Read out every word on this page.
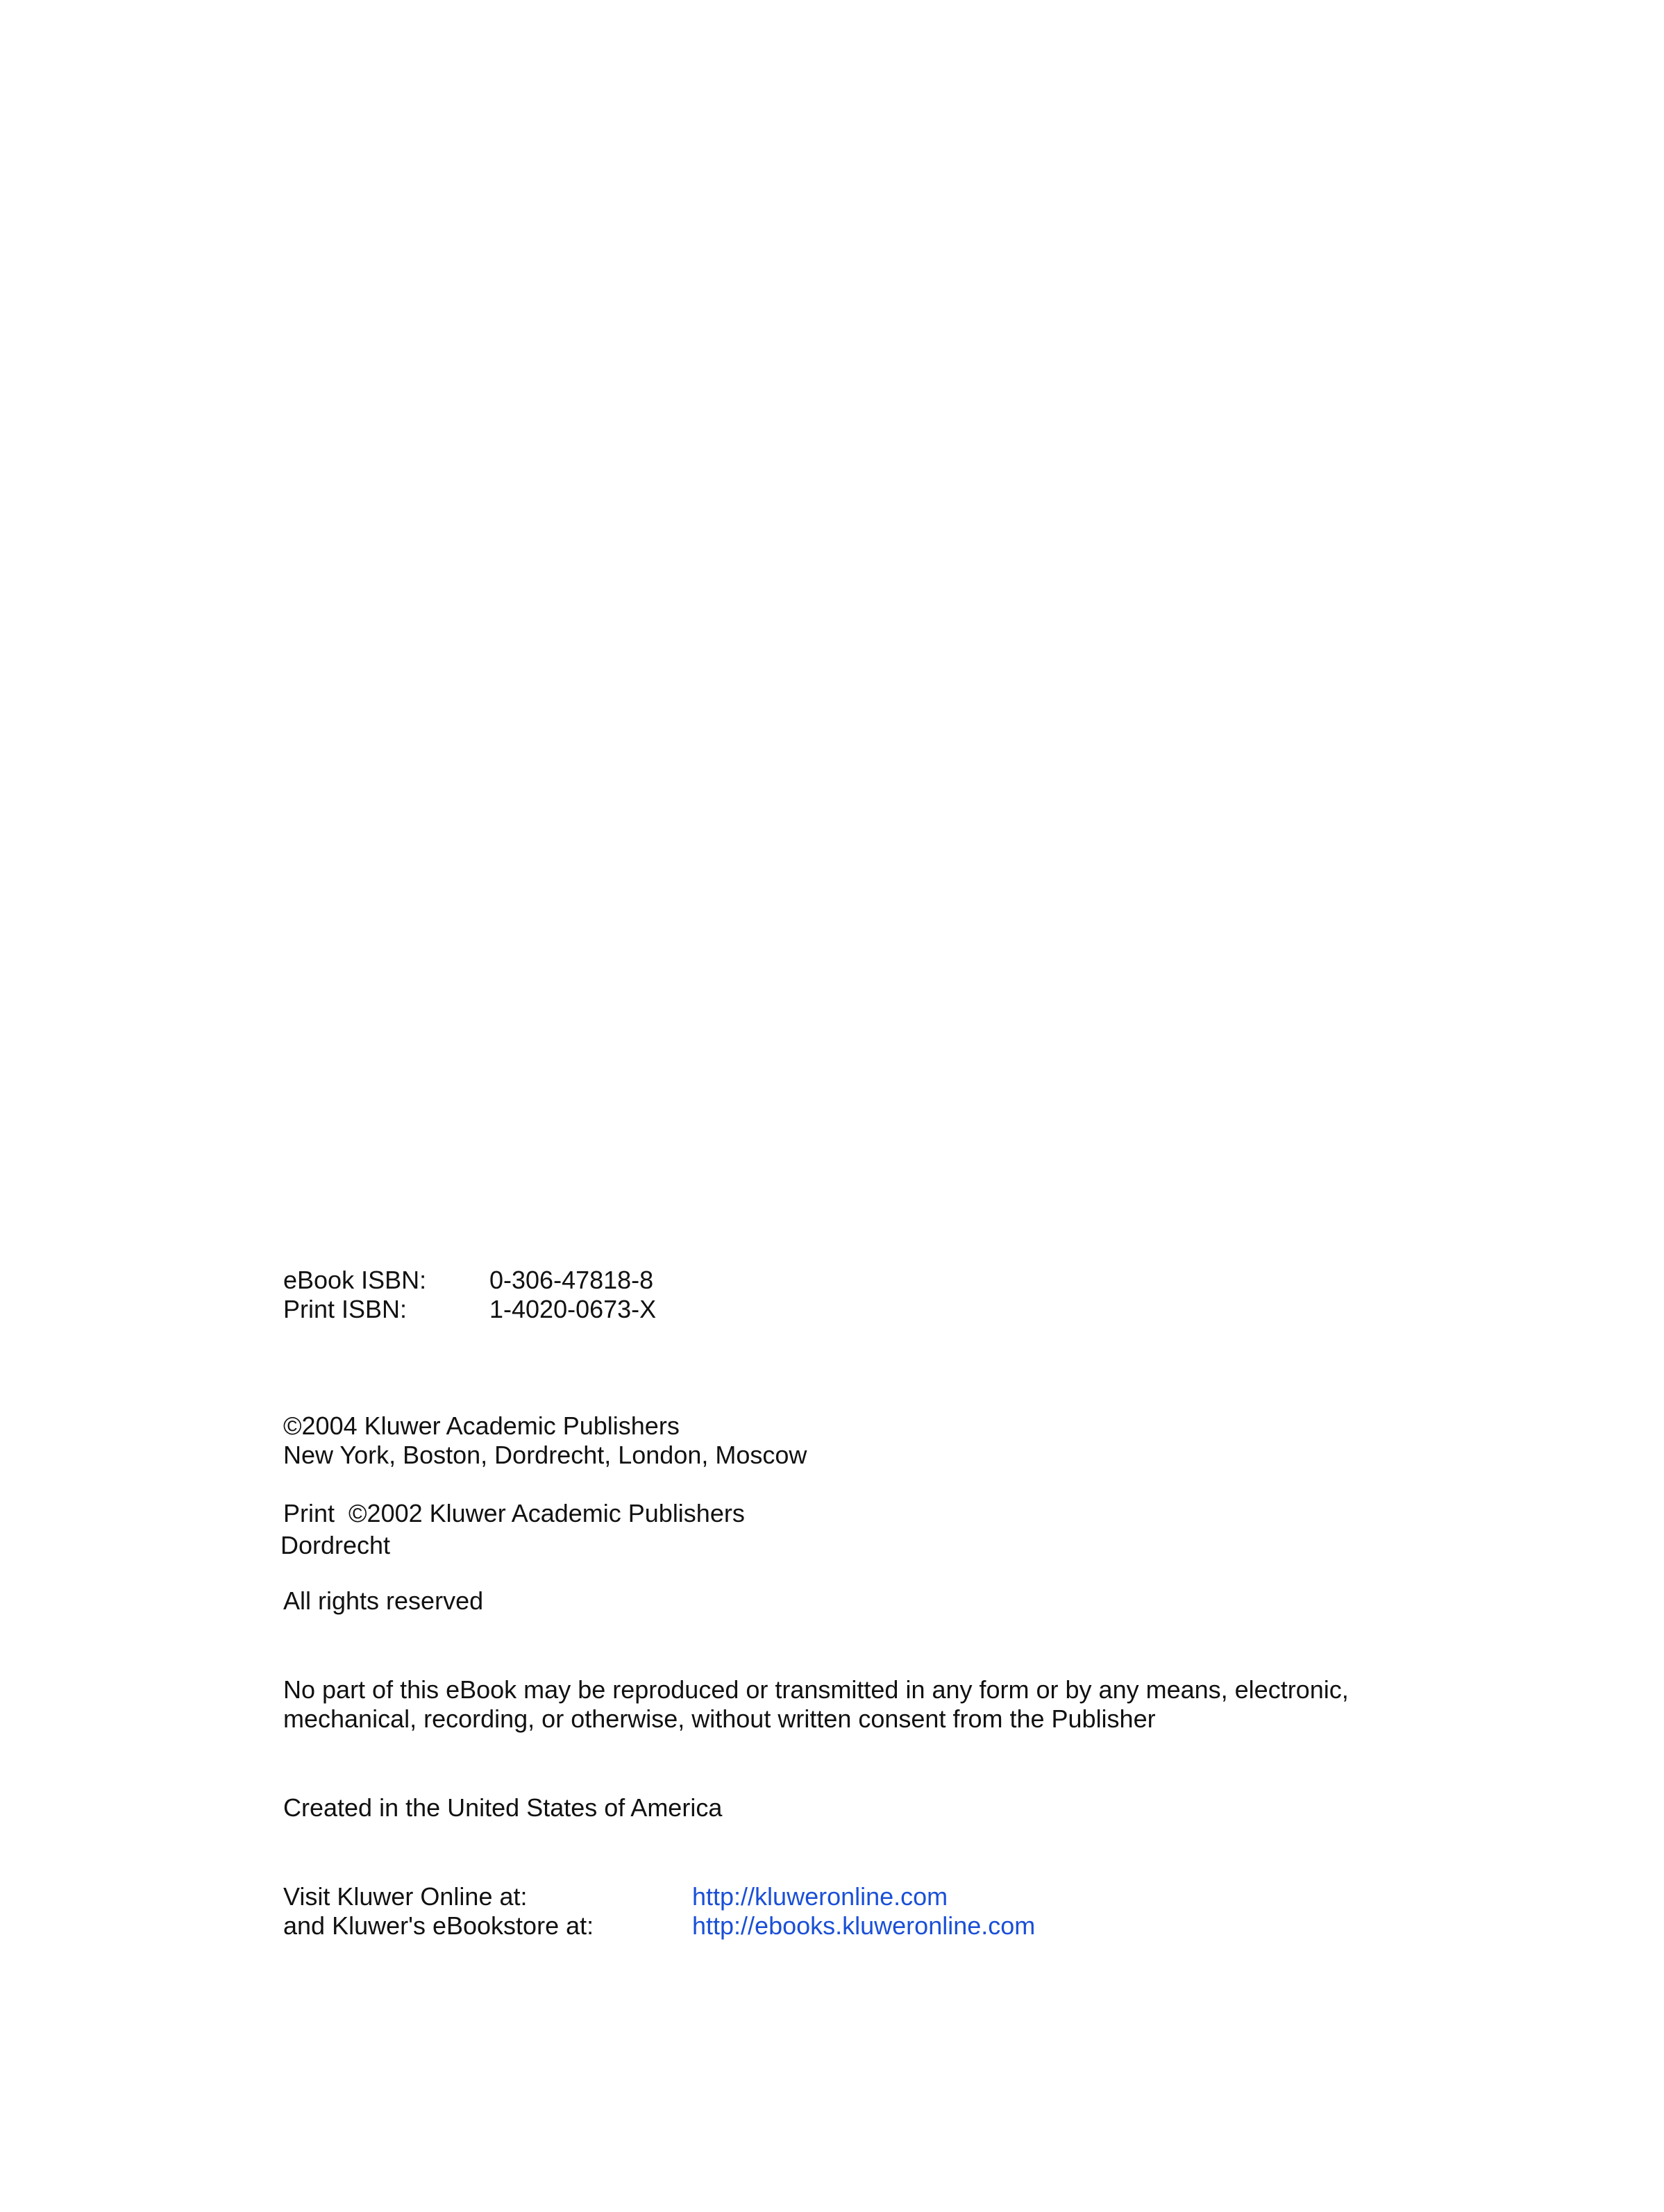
eBook ISBN:	0-306-47818-8
Print ISBN:	1-4020-0673-X

©2004 Kluwer Academic Publishers

New York, Boston, Dordrecht, London, Moscow

Print  ©2002 Kluwer Academic Publishers

Dordrecht

All rights reserved

No part of this eBook may be reproduced or transmitted in any form or by any means, electronic,

mechanical, recording, or otherwise, without written consent from the Publisher

Created in the United States of America

Visit Kluwer Online at:	http://kluweronline.com
and Kluwer's eBookstore at:	http://ebooks.kluweronline.com
